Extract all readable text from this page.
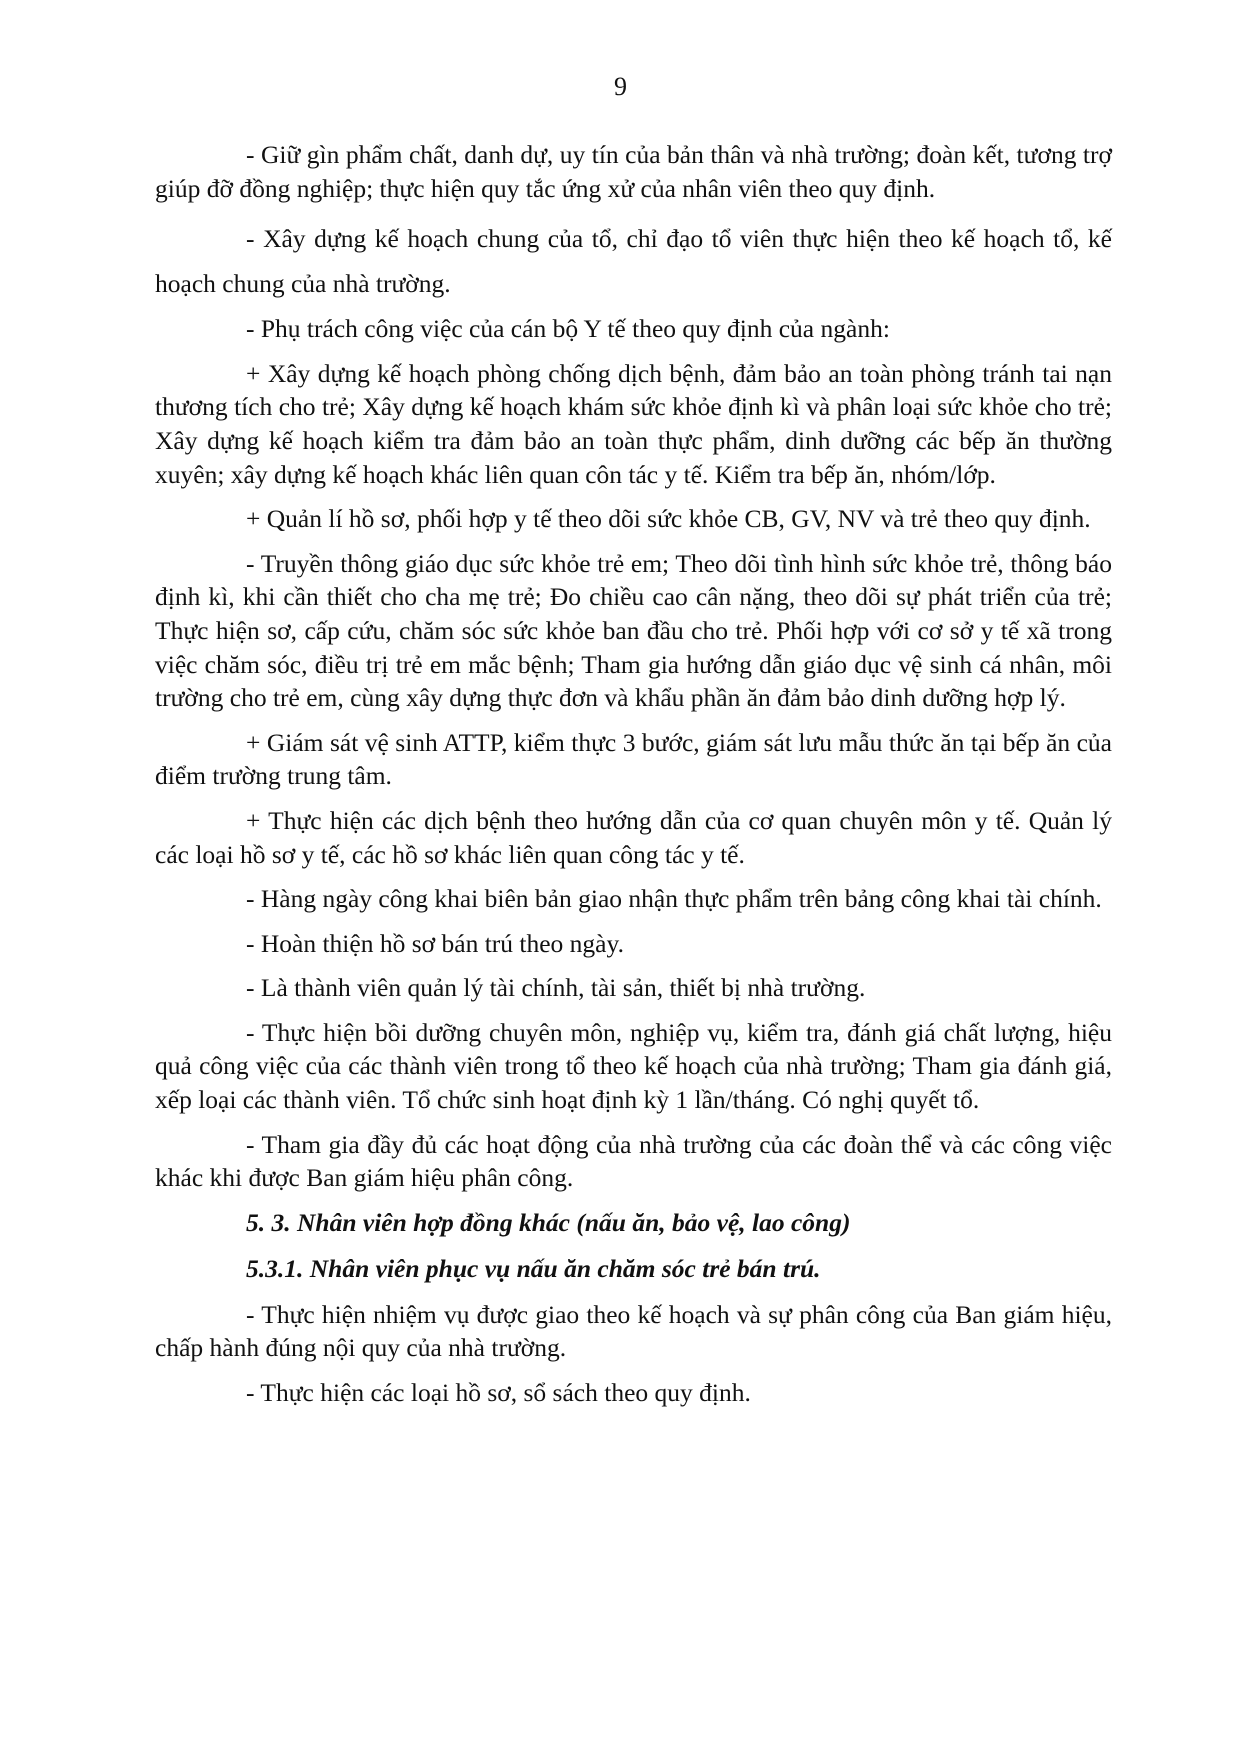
9

- Giữ gìn phẩm chất, danh dự, uy tín của bản thân và nhà trường; đoàn kết, tương trợ giúp đỡ đồng nghiệp; thực hiện quy tắc ứng xử của nhân viên theo quy định.

- Xây dựng kế hoạch chung của tổ, chỉ đạo tổ viên thực hiện theo kế hoạch tổ, kế hoạch chung của nhà trường.

- Phụ trách công việc của cán bộ Y tế theo quy định của ngành:

+ Xây dựng kế hoạch phòng chống dịch bệnh, đảm bảo an toàn phòng tránh tai nạn thương tích cho trẻ; Xây dựng kế hoạch khám sức khỏe định kì và phân loại sức khỏe cho trẻ; Xây dựng kế hoạch kiểm tra đảm bảo an toàn thực phẩm, dinh dưỡng các bếp ăn thường xuyên; xây dựng kế hoạch khác liên quan côn tác y tế. Kiểm tra bếp ăn, nhóm/lớp.

+ Quản lí hồ sơ, phối hợp y tế theo dõi sức khỏe CB, GV, NV và trẻ theo quy định.

- Truyền thông giáo dục sức khỏe trẻ em; Theo dõi tình hình sức khỏe trẻ, thông báo định kì, khi cần thiết cho cha mẹ trẻ; Đo chiều cao cân nặng, theo dõi sự phát triển của trẻ; Thực hiện sơ, cấp cứu, chăm sóc sức khỏe ban đầu cho trẻ. Phối hợp với cơ sở y tế xã trong việc chăm sóc, điều trị trẻ em mắc bệnh; Tham gia hướng dẫn giáo dục vệ sinh cá nhân, môi trường cho trẻ em, cùng xây dựng thực đơn và khẩu phần ăn đảm bảo dinh dưỡng hợp lý.

+ Giám sát vệ sinh ATTP, kiểm thực 3 bước, giám sát lưu mẫu thức ăn tại bếp ăn của điểm trường trung tâm.

+ Thực hiện các dịch bệnh theo hướng dẫn của cơ quan chuyên môn y tế. Quản lý các loại hồ sơ y tế, các hồ sơ khác liên quan công tác y tế.

- Hàng ngày công khai biên bản giao nhận thực phẩm trên bảng công khai tài chính.

- Hoàn thiện hồ sơ bán trú theo ngày.

- Là thành viên quản lý tài chính, tài sản, thiết bị nhà trường.

- Thực hiện bồi dưỡng chuyên môn, nghiệp vụ, kiểm tra, đánh giá chất lượng, hiệu quả công việc của các thành viên trong tổ theo kế hoạch của nhà trường; Tham gia đánh giá, xếp loại các thành viên. Tổ chức sinh hoạt định kỳ 1 lần/tháng. Có nghị quyết tổ.

- Tham gia đầy đủ các hoạt động của nhà trường của các đoàn thể và các công việc khác khi được Ban giám hiệu phân công.

5. 3. Nhân viên hợp đồng khác (nấu ăn, bảo vệ, lao công)

5.3.1. Nhân viên phục vụ nấu ăn chăm sóc trẻ bán trú.

- Thực hiện nhiệm vụ được giao theo kế hoạch và sự phân công của Ban giám hiệu, chấp hành đúng nội quy của nhà trường.

- Thực hiện các loại hồ sơ, sổ sách theo quy định.
